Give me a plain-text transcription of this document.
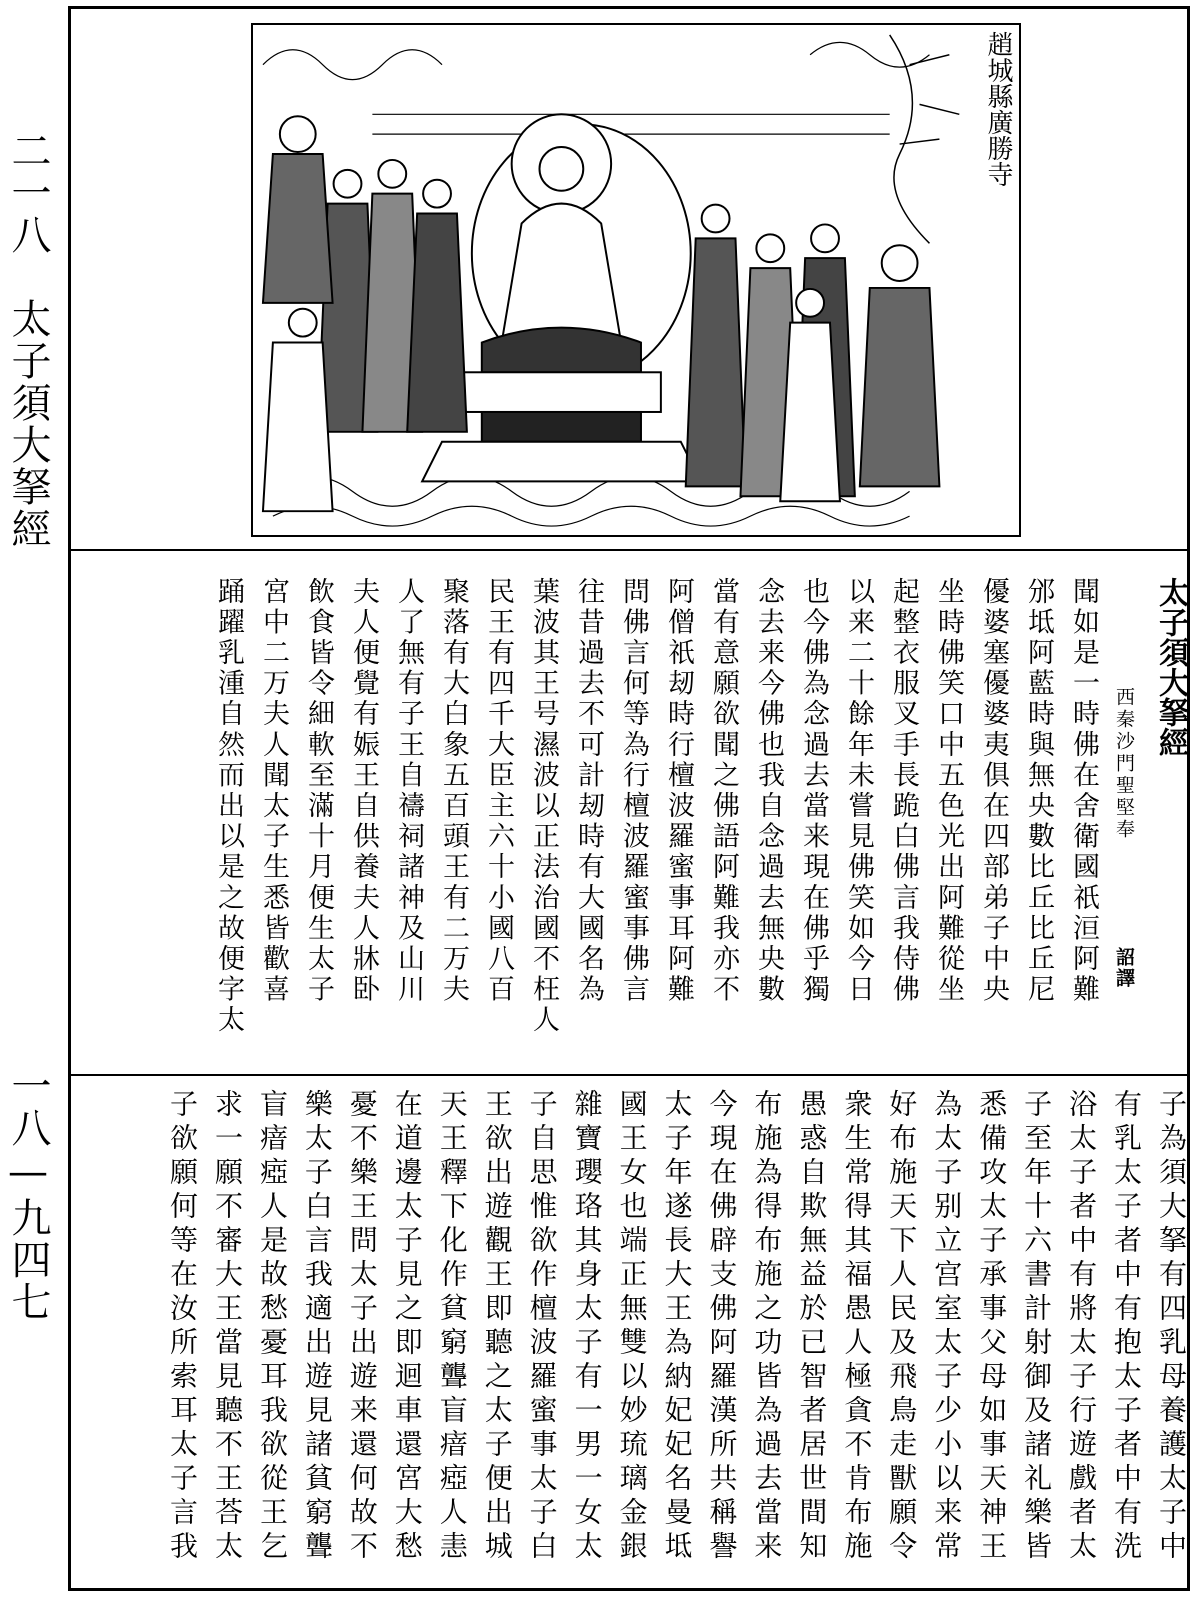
二一八　太子須大拏經
一八—九四七
趙城縣廣勝寺
太子須大拏經
西秦沙門聖堅奉
詔譯
聞如是一時佛在舍衛國祇洹阿難
邠坻阿藍時與無央數比丘比丘尼
優婆塞優婆夷俱在四部弟子中央
坐時佛笑口中五色光出阿難從坐
起整衣服叉手長跪白佛言我侍佛
以来二十餘年未嘗見佛笑如今日
也今佛為念過去當来現在佛乎獨
念去来今佛也我自念過去無央數
當有意願欲聞之佛語阿難我亦不
阿僧祇刼時行檀波羅蜜事耳阿難
問佛言何等為行檀波羅蜜事佛言
往昔過去不可計刼時有大國名為
葉波其王号濕波以正法治國不枉人
民王有四千大臣主六十小國八百
聚落有大白象五百頭王有二万夫
人了無有子王自禱祠諸神及山川
夫人便覺有娠王自供養夫人牀卧
飲食皆令細軟至滿十月便生太子
宮中二万夫人聞太子生悉皆歡喜
踊躍乳湩自然而出以是之故便字太
子為須大拏有四乳母養護太子中
有乳太子者中有抱太子者中有洗
浴太子者中有將太子行遊戲者太
子至年十六書計射御及諸礼樂皆
悉備攻太子承事父母如事天神王
為太子别立宫室太子少小以来常
好布施天下人民及飛鳥走獸願令
衆生常得其福愚人極貪不肯布施
愚惑自欺無益於已智者居世間知
布施為得布施之功皆為過去當来
今現在佛辟支佛阿羅漢所共稱譽
太子年遂長大王為納妃妃名曼坻
國王女也端正無雙以妙琉璃金銀
雜寶瓔珞其身太子有一男一女太
子自思惟欲作檀波羅蜜事太子白
王欲出遊觀王即聽之太子便出城
天王釋下化作貧窮聾盲瘖瘂人恚
在道邊太子見之即迴車還宮大愁
憂不樂王問太子出遊来還何故不
樂太子白言我適出遊見諸貧窮聾
盲瘖瘂人是故愁憂耳我欲從王乞
求一願不審大王當見聽不王荅太
子欲願何等在汝所索耳太子言我
